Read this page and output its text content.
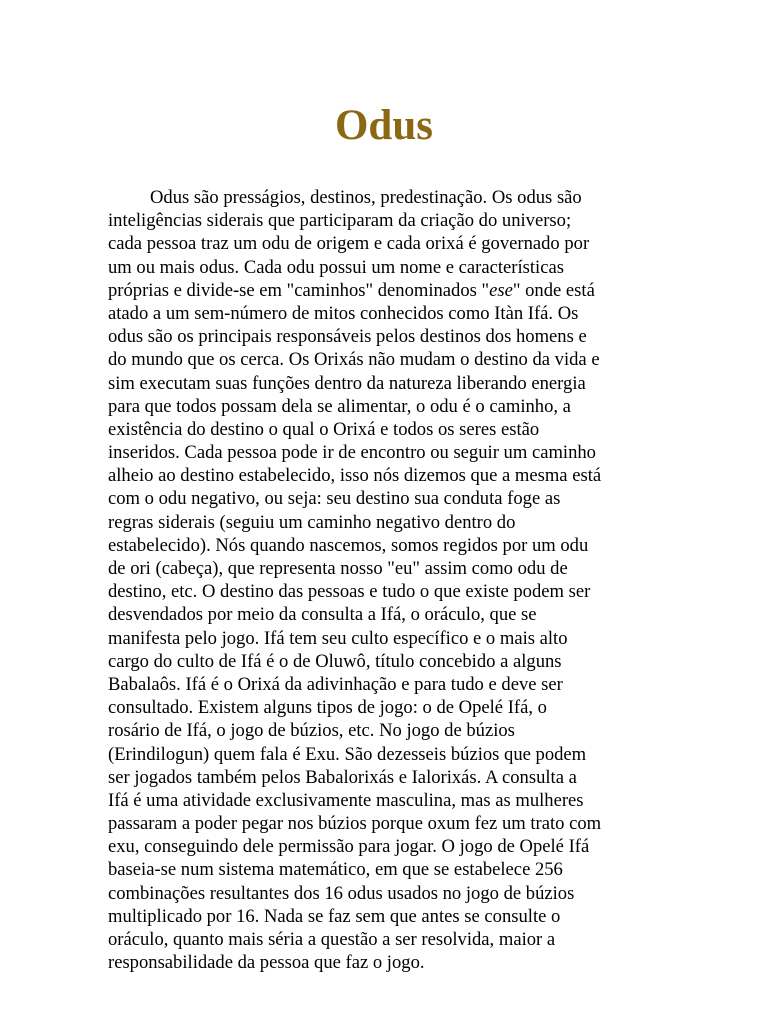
Odus
Odus são presságios, destinos, predestinação. Os odus são
inteligências siderais que participaram da criação do universo;
cada pessoa traz um odu de origem e cada orixá é governado por
um ou mais odus. Cada odu possui um nome e características
próprias e divide-se em "caminhos" denominados "ese" onde está
atado a um sem-número de mitos conhecidos como Itàn Ifá. Os
odus são os principais responsáveis pelos destinos dos homens e
do mundo que os cerca. Os Orixás não mudam o destino da vida e
sim executam suas funções dentro da natureza liberando energia
para que todos possam dela se alimentar, o odu é o caminho, a
existência do destino o qual o Orixá e todos os seres estão
inseridos. Cada pessoa pode ir de encontro ou seguir um caminho
alheio ao destino estabelecido, isso nós dizemos que a mesma está
com o odu negativo, ou seja: seu destino sua conduta foge as
regras siderais (seguiu um caminho negativo dentro do
estabelecido). Nós quando nascemos, somos regidos por um odu
de ori (cabeça), que representa nosso "eu" assim como odu de
destino, etc. O destino das pessoas e tudo o que existe podem ser
desvendados por meio da consulta a Ifá, o oráculo, que se
manifesta pelo jogo. Ifá tem seu culto específico e o mais alto
cargo do culto de Ifá é o de Oluwô, título concebido a alguns
Babalaôs. Ifá é o Orixá da adivinhação e para tudo e deve ser
consultado. Existem alguns tipos de jogo: o de Opelé Ifá, o
rosário de Ifá, o jogo de búzios, etc. No jogo de búzios
(Erindilogun) quem fala é Exu. São dezesseis búzios que podem
ser jogados também pelos Babalorixás e Ialorixás. A consulta a
Ifá é uma atividade exclusivamente masculina, mas as mulheres
passaram a poder pegar nos búzios porque oxum fez um trato com
exu, conseguindo dele permissão para jogar. O jogo de Opelé Ifá
baseia-se num sistema matemático, em que se estabelece 256
combinações resultantes dos 16 odus usados no jogo de búzios
multiplicado por 16. Nada se faz sem que antes se consulte o
oráculo, quanto mais séria a questão a ser resolvida, maior a
responsabilidade da pessoa que faz o jogo.
